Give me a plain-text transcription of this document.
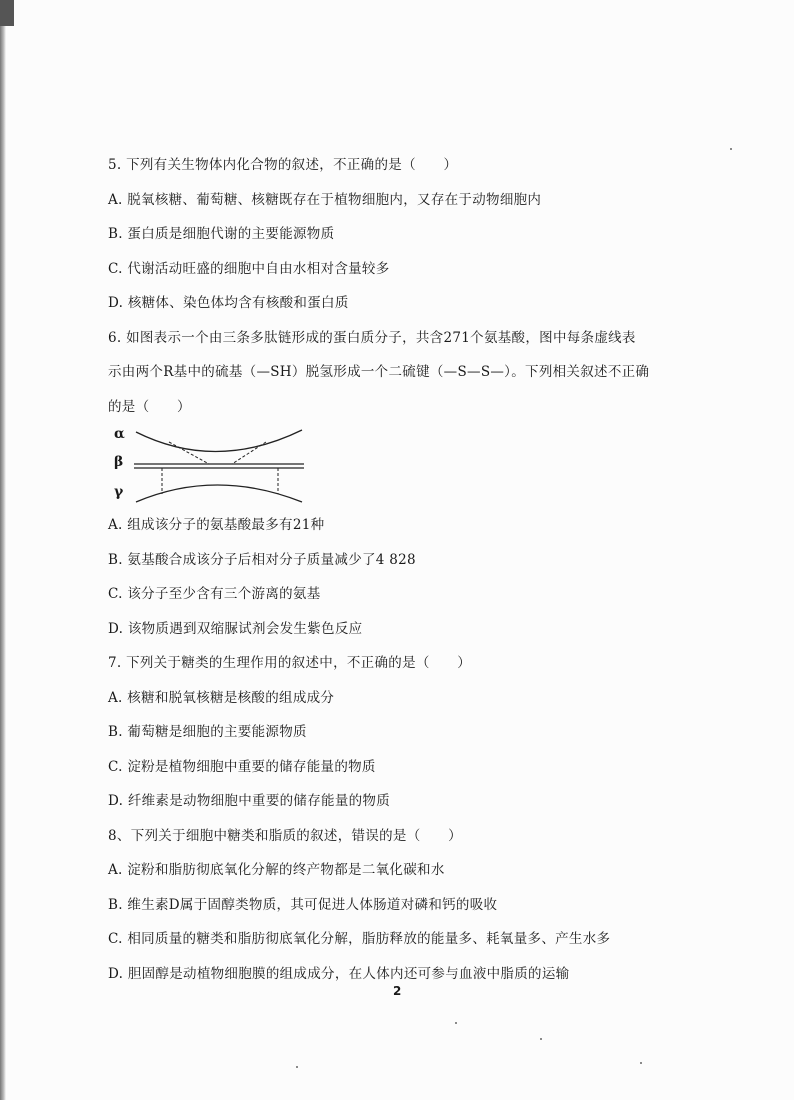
5. 下列有关生物体内化合物的叙述，不正确的是（　　）
A. 脱氧核糖、葡萄糖、核糖既存在于植物细胞内，又存在于动物细胞内
B. 蛋白质是细胞代谢的主要能源物质
C. 代谢活动旺盛的细胞中自由水相对含量较多
D. 核糖体、染色体均含有核酸和蛋白质
6. 如图表示一个由三条多肽链形成的蛋白质分子，共含271个氨基酸，图中每条虚线表
示由两个R基中的硫基（—SH）脱氢形成一个二硫键（—S—S—）。下列相关叙述不正确
的是（　　）
α
β
γ
A. 组成该分子的氨基酸最多有21种
B. 氨基酸合成该分子后相对分子质量减少了4 828
C. 该分子至少含有三个游离的氨基
D. 该物质遇到双缩脲试剂会发生紫色反应
7. 下列关于糖类的生理作用的叙述中，不正确的是（　　）
A. 核糖和脱氧核糖是核酸的组成成分
B. 葡萄糖是细胞的主要能源物质
C. 淀粉是植物细胞中重要的储存能量的物质
D. 纤维素是动物细胞中重要的储存能量的物质
8、下列关于细胞中糖类和脂质的叙述，错误的是（　　）
A. 淀粉和脂肪彻底氧化分解的终产物都是二氧化碳和水
B. 维生素D属于固醇类物质，其可促进人体肠道对磷和钙的吸收
C. 相同质量的糖类和脂肪彻底氧化分解，脂肪释放的能量多、耗氧量多、产生水多
D. 胆固醇是动植物细胞膜的组成成分，在人体内还可参与血液中脂质的运输
2
